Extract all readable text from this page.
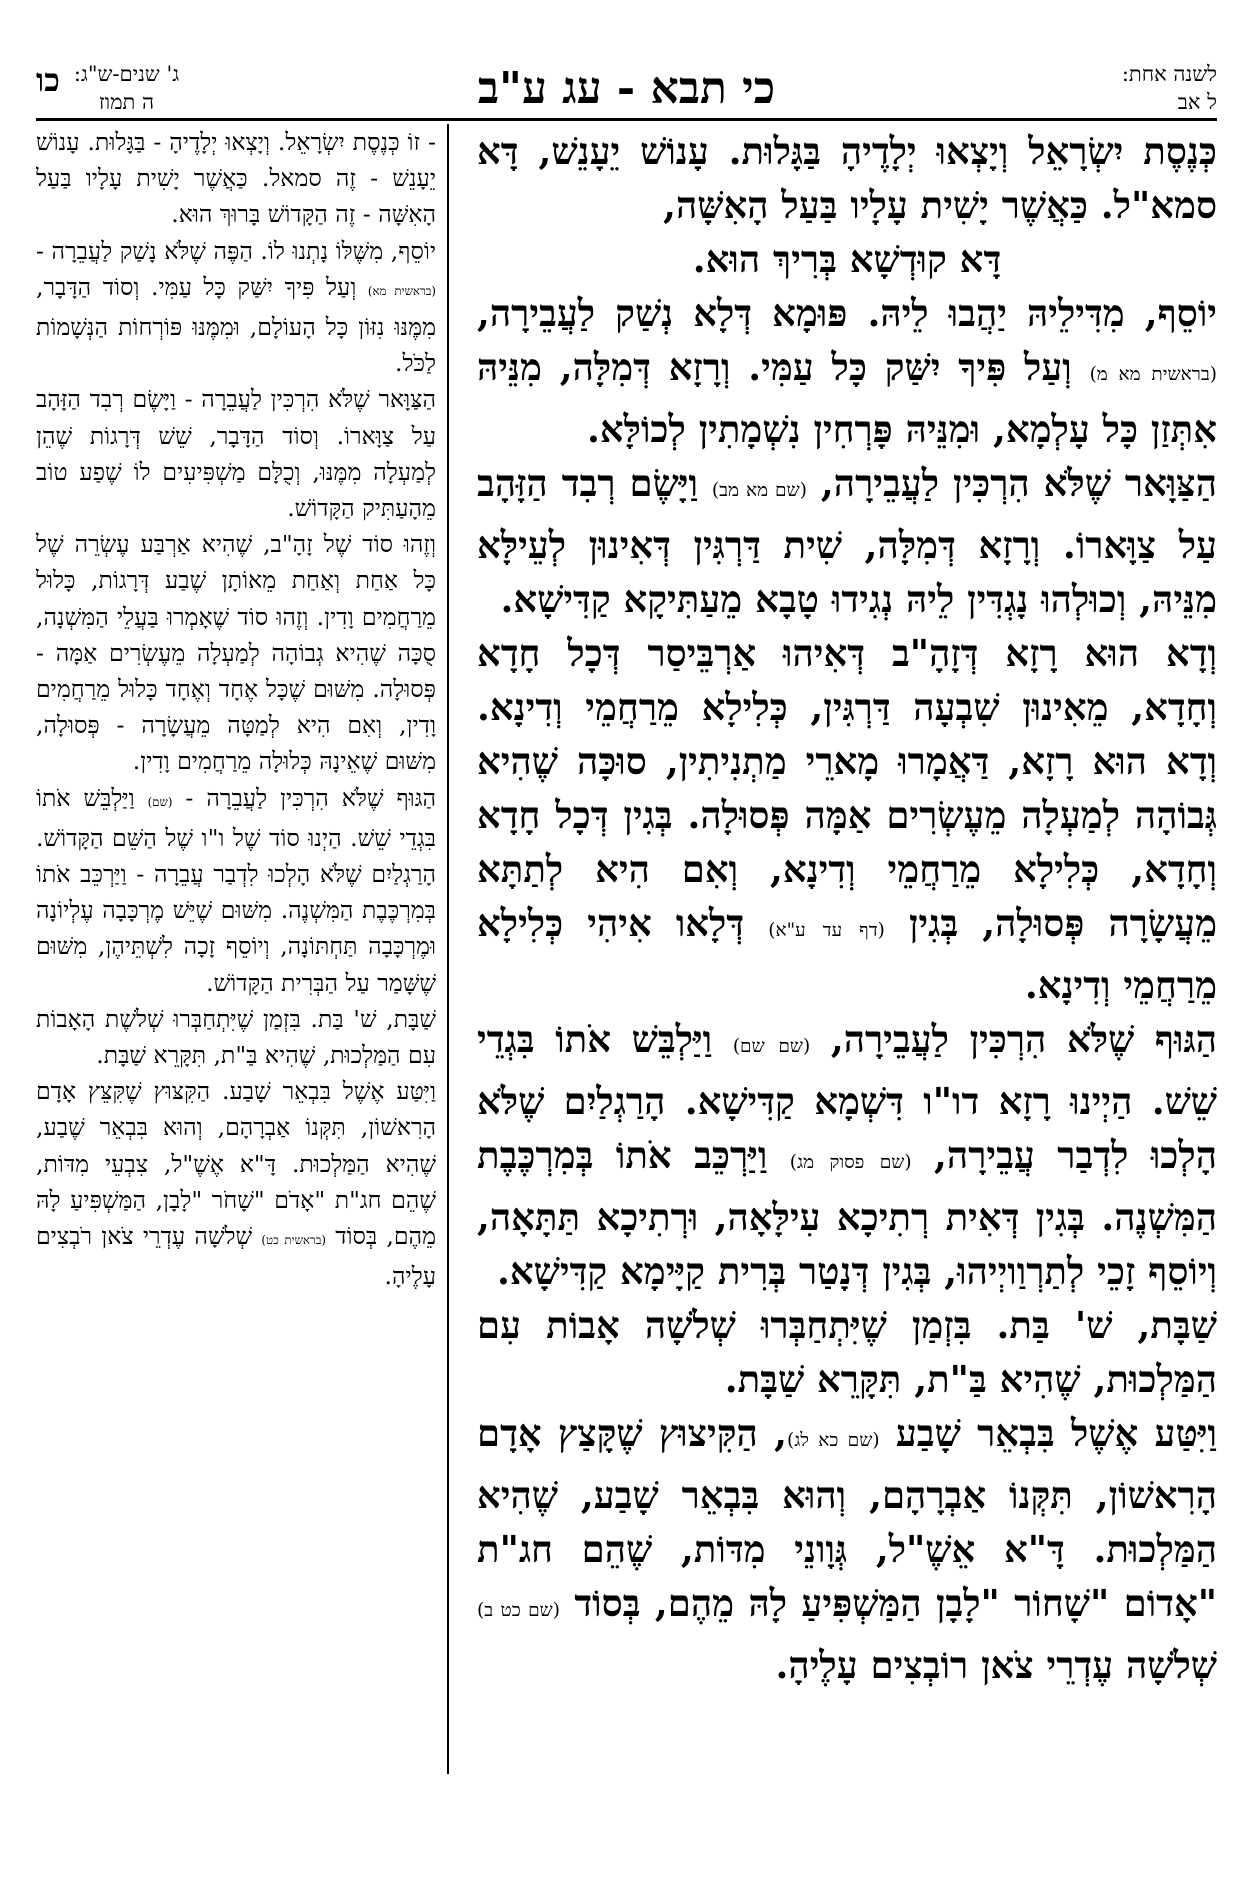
לשנה אחת:
ל אב
כי תבא - עג ע"ב
ג' שנים-ש"ג:
ה תמוז
כו
כְּנֶסֶת יִשְׂרָאֵל וְיָצְאוּ יְלָדֶיהָ בַּגָּלוּת. עָנוֹשׁ יֵעָנֵשׁ, דָּא סמא"ל. כַּאֲשֶׁר יָשִׁית עָלָיו בַּעַל הָאִשָּׁה,
דָּא קוּדְשָׁא בְּרִיךְ הוּא.
יוֹסֵף, מִדִּילֵיהּ יַהֲבוּ לֵיהּ. פּוּמָא דְּלָא נְשַׁק לַעֲבֵירָה, (בראשית מא מ) וְעַל פִּיךָ יִשַּׁק כָּל עַמִּי. וְרָזָא דְּמִלָּה, מִנֵּיהּ אִתְּזַן כָּל עָלְמָא, וּמִנֵּיהּ פָּרְחִין נִשְׁמָתִין לְכוֹלָּא.
הַצַּוָּאר שֶׁלֹּא הִרְכִּין לַעֲבֵירָה, (שם מא מב) וַיָּשֶׂם רְבִד הַזָּהָב עַל צַוָּארוֹ. וְרָזָא דְּמִלָּה, שִׁית דַּרְגִּין דְּאִינוּן לְעֵילָּא מִנֵּיהּ, וְכוּלְהוּ נָגְדִּין לֵיהּ נְגִידוּ טָבָא מֵעַתִּיקָא קַדִּישָׁא.
וְדָא הוּא רָזָא דְּזָהָ"ב דְּאִיהוּ אַרְבֵּיסַר דְּכָל חָדָא וְחָדָא, מֵאִינוּן שִׁבְעָה דַּרְגִּין, כְּלִילָא מֵרַחֲמֵי וְדִינָא. וְדָא הוּא רָזָא, דַּאֲמָרוּ מָארֵי מַתְנִיתִין, סוּכָּה שֶׁהִיא גְּבוֹהָה לְמַעְלָה מֵעֶשְׂרִים אַמָּה פְּסוּלָה. בְּגִין דְּכָל חָדָא וְחָדָא, כְּלִילָא מֵרַחֲמֵי וְדִינָא, וְאִם הִיא לְתַתָּא מֵעֲשָׂרָה פְּסוּלָה, בְּגִין (דף עד ע"א) דְּלָאו אִיהִי כְּלִילָא מֵרַחֲמֵי וְדִינָא.
הַגּוּף שֶׁלֹּא הִרְכִּין לַעֲבֵירָה, (שם שם) וַיַּלְבֵּשׁ אֹתוֹ בִּגְדֵי שֵׁשׁ. הַיְינוּ רָזָא דו"ו דִּשְׁמָא קַדִּישָׁא. הָרַגְלַיִם שֶׁלֹּא הָלְכוּ לִדְבַר עֲבֵירָה, (שם פסוק מג) וַיַּרְכֵּב אֹתוֹ בְּמִרְכֶּבֶת הַמִּשְׁנֶה. בְּגִין דְּאִית רְתִיכָא עִילָּאָה, וּרְתִיכָא תַּתָּאָה, וְיוֹסֵף זָכֵי לְתַרְוַויְיהוּ, בְּגִין דְּנָטַר בְּרִית קַיָּימָא קַדִּישָׁא.
שַׁבָּת, שׁ' בַּת. בִּזְמַן שֶׁיִּתְחַבְּרוּ שְׁלֹשָׁה אָבוֹת עִם הַמַּלְכוּת, שֶׁהִיא בַּ"ת, תִּקָּרֵא שַׁבָּת.
וַיִּטַּע אֶשֶׁל בִּבְאֵר שָׁבַע (שם כא לג), הַקִּיצוּץ שֶׁקָּצַץ אָדָם הָרִאשׁוֹן, תִּקְּנוֹ אַבְרָהָם, וְהוּא בִּבְאֵר שָׁבַע, שֶׁהִיא הַמַּלְכוּת. דָּ"א אֵשֶׁ"ל, גְּוָונֵי מִדּוֹת, שֶׁהֵם חג"ת "אָדוֹם "שָׁחוֹר "לָבָן הַמַּשְׁפִּיעַ לָהּ מֵהֶם, בְּסוֹד (שם כט ב) שְׁלֹשָׁה עֶדְרֵי צֹאן רוֹבְצִים עָלֶיהָ.
- זוֹ כְּנֶסֶת יִשְׂרָאֵל. וְיָצְאוּ יְלָדֶיהָ - בַּגָּלוּת. עָנוֹשׁ יֵעָנֵשׁ - זֶה סמאל. כַּאֲשֶׁר יָשִׁית עָלָיו בַּעַל הָאִשָּׁה - זֶה הַקָּדוֹשׁ בָּרוּךְ הוּא.
יוֹסֵף, מִשֶּׁלּוֹ נָתְנוּ לוֹ. הַפֶּה שֶׁלֹּא נָשַׁק לַעֲבֵרָה - (בראשית מא) וְעַל פִּיךָ יִשַּׁק כָּל עַמִּי. וְסוֹד הַדָּבָר, מִמֶּנּוּ נִזּוֹן כָּל הָעוֹלָם, וּמִמֶּנּוּ פּוֹרְחוֹת הַנְּשָׁמוֹת לַכֹּל.
הַצַּוָּאר שֶׁלֹּא הִרְכִּין לַעֲבֵרָה - וַיָּשֶׂם רְבִד הַזָּהָב עַל צַוָּארוֹ. וְסוֹד הַדָּבָר, שֵׁשׁ דְּרָגוֹת שֶׁהֵן לְמַעְלָה מִמֶּנּוּ, וְכֻלָּם מַשְׁפִּיעִים לוֹ שֶׁפַע טוֹב מֵהָעַתִּיק הַקָּדוֹשׁ.
וְזֶהוּ סוֹד שֶׁל זָהָ"ב, שֶׁהִיא אַרְבַּע עֶשְׂרֵה שֶׁל כָּל אַחַת וְאַחַת מֵאוֹתָן שֶׁבַע דְּרָגוֹת, כָּלוּל מֵרַחֲמִים וָדִין. וְזֶהוּ סוֹד שֶׁאָמְרוּ בַּעֲלֵי הַמִּשְׁנָה, סֻכָּה שֶׁהִיא גְבוֹהָה לְמַעְלָה מֵעֶשְׂרִים אַמָּה - פְּסוּלָה. מִשּׁוּם שֶׁכָּל אֶחָד וְאֶחָד כָּלוּל מֵרַחֲמִים וָדִין, וְאִם הִיא לְמַטָּה מֵעֲשָׂרָה - פְּסוּלָה, מִשּׁוּם שֶׁאֵינָהּ כְּלוּלָה מֵרַחֲמִים וָדִין.
הַגּוּף שֶׁלֹּא הִרְכִּין לַעֲבֵרָה - (שם) וַיַּלְבֵּשׁ אֹתוֹ בִּגְדֵי שֵׁשׁ. הַיְנוּ סוֹד שֶׁל ו"ו שֶׁל הַשֵּׁם הַקָּדוֹשׁ. הָרַגְלַיִם שֶׁלֹּא הָלְכוּ לִדְבַר עֲבֵרָה - וַיַּרְכֵּב אֹתוֹ בְּמִרְכֶּבֶת הַמִּשְׁנֶה. מִשּׁוּם שֶׁיֵּשׁ מֶרְכָּבָה עֶלְיוֹנָה וּמֶרְכָּבָה תַּחְתּוֹנָה, וְיוֹסֵף זָכָה לִשְׁתֵּיהֶן, מִשּׁוּם שֶׁשָּׁמַר עַל הַבְּרִית הַקָּדוֹשׁ.
שַׁבָּת, שׁ' בַּת. בִּזְמַן שֶׁיִּתְחַבְּרוּ שְׁלֹשֶׁת הָאָבוֹת עִם הַמַּלְכוּת, שֶׁהִיא בַּ"ת, תִּקָּרֵא שַׁבָּת.
וַיִּטַּע אֶשֶׁל בִּבְאֵר שָׁבַע. הַקִּצּוּץ שֶׁקִּצֵּץ אָדָם הָרִאשׁוֹן, תִּקְּנוֹ אַבְרָהָם, וְהוּא בִּבְאֵר שֶׁבַע, שֶׁהִיא הַמַּלְכוּת. דָּ"א אֶשֶׁ"ל, צִבְעֵי מִדּוֹת, שֶׁהֵם חג"ת "אָדֹם "שָׁחֹר "לָבָן, הַמַּשְׁפִּיעַ לָהּ מֵהֶם, בְּסוֹד (בראשית כט) שְׁלֹשָׁה עֶדְרֵי צֹאן רֹבְצִים עָלֶיהָ.
